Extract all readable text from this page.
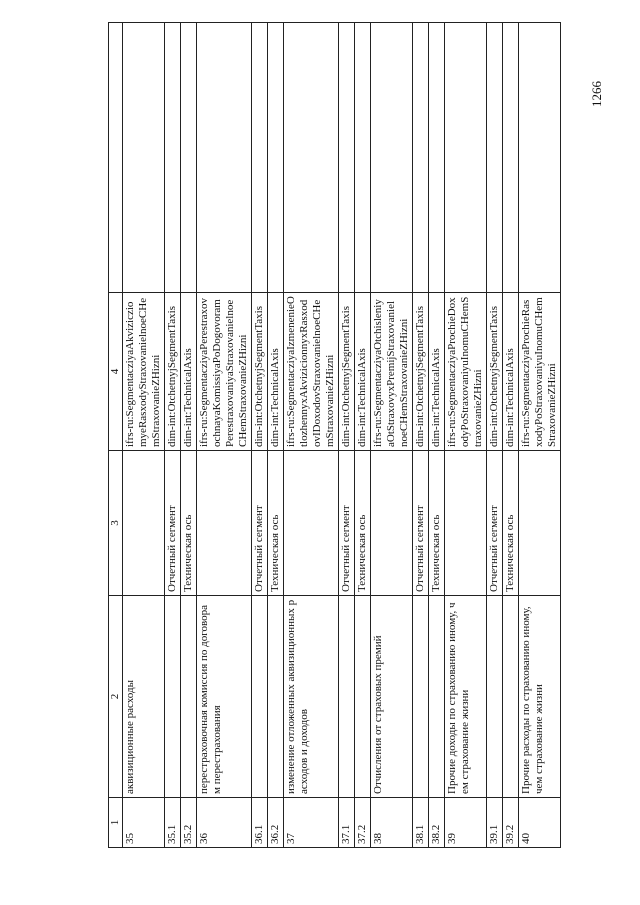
1266
1	2	3	4	
35	аквизиционные расходы		ifrs-ru:SegmentacziyaAkvizicziomyeRasxodyStraxovanielnoeCHemStraxovanieZHizni	
35.1		Отчетный сегмент	dim-int:OtchetnyjSegmentTaxis	
35.2		Техническая ось	dim-int:TechnicalAxis	
36	перестраховочная комиссия по договорам перестрахования		ifrs-ru:SegmentacziyaPerestraxovochnayaKomissiyaPoDogovoramPerestraxovaniyaStraxovanielnoeCHemStraxovanieZHizni	
36.1		Отчетный сегмент	dim-int:OtchetnyjSegmentTaxis	
36.2		Техническая ось	dim-int:TechnicalAxis	
37	изменение отложенных аквизиционных расходов и доходов		ifrs-ru:SegmentacziyaIzmenenieOtlozhennyxAkvizicionnyxRasxodovIDoxodovStraxovanielnoeCHemStraxovanieZHizni	
37.1		Отчетный сегмент	dim-int:OtchetnyjSegmentTaxis	
37.2		Техническая ось	dim-int:TechnicalAxis	
38	Отчисления от страховых премий		ifrs-ru:SegmentacziyaOtchisleniyaOtStraxovyxPremijStraxovanielnoeCHemStraxovanieZHizni	
38.1		Отчетный сегмент	dim-int:OtchetnyjSegmentTaxis	
38.2		Техническая ось	dim-int:TechnicalAxis	
39	Прочие доходы по страхованию иному, чем страхование жизни		ifrs-ru:SegmentacziyaProchieDoxodyPoStraxovaniyuInomuCHemStraxovanieZHizni	
39.1		Отчетный сегмент	dim-int:OtchetnyjSegmentTaxis	
39.2		Техническая ось	dim-int:TechnicalAxis	
40	Прочие расходы по страхованию иному, чем страхование жизни		ifrs-ru:SegmentacziyaProchieRasxodyPoStraxovaniyuInomuCHemStraxovanieZHizni	
